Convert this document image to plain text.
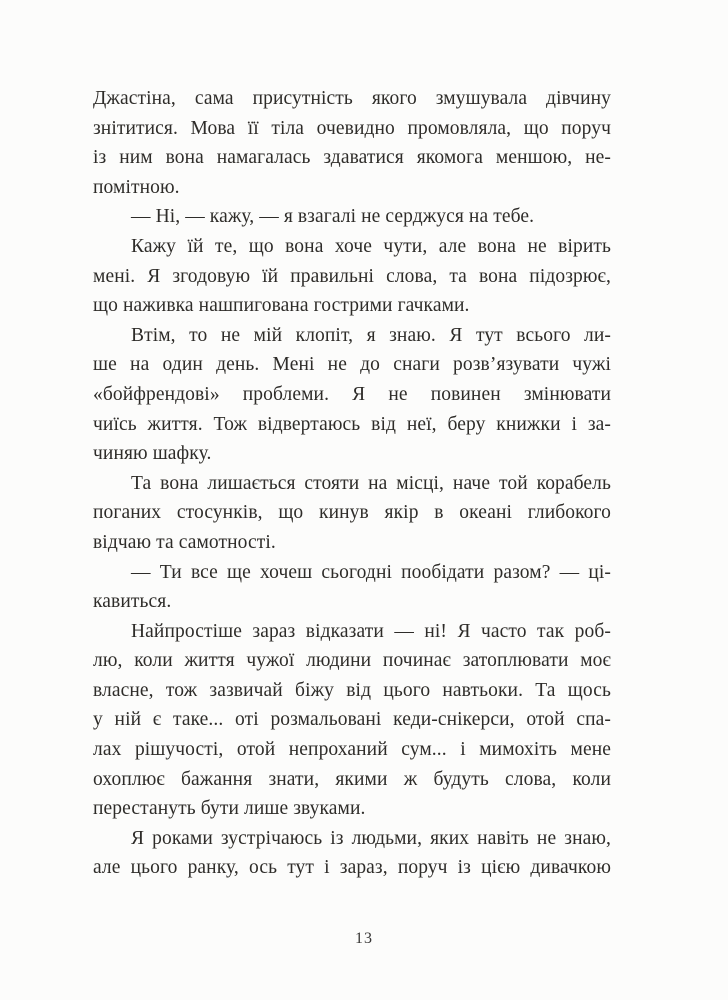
Джастіна, сама присутність якого змушувала дівчину
знітитися. Мова її тіла очевидно промовляла, що поруч
із ним вона намагалась здаватися якомога меншою, не-
помітною.
— Ні, — кажу, — я взагалі не серджуся на тебе.
Кажу їй те, що вона хоче чути, але вона не вірить
мені. Я згодовую їй правильні слова, та вона підозрює,
що наживка нашпигована гострими гачками.
Втім, то не мій клопіт, я знаю. Я тут всього ли-
ше на один день. Мені не до снаги розв’язувати чужі
«бойфрендові» проблеми. Я не повинен змінювати
чиїсь життя. Тож відвертаюсь від неї, беру книжки і за-
чиняю шафку.
Та вона лишається стояти на місці, наче той корабель
поганих стосунків, що кинув якір в океані глибокого
відчаю та самотності.
— Ти все ще хочеш сьогодні пообідати разом? — ці-
кавиться.
Найпростіше зараз відказати — ні! Я часто так роб-
лю, коли життя чужої людини починає затоплювати моє
власне, тож зазвичай біжу від цього навтьоки. Та щось
у ній є таке... оті розмальовані кеди-снікерси, отой спа-
лах рішучості, отой непроханий сум... і мимохіть мене
охоплює бажання знати, якими ж будуть слова, коли
перестануть бути лише звуками.
Я роками зустрічаюсь із людьми, яких навіть не знаю,
але цього ранку, ось тут і зараз, поруч із цією дивачкою
13
